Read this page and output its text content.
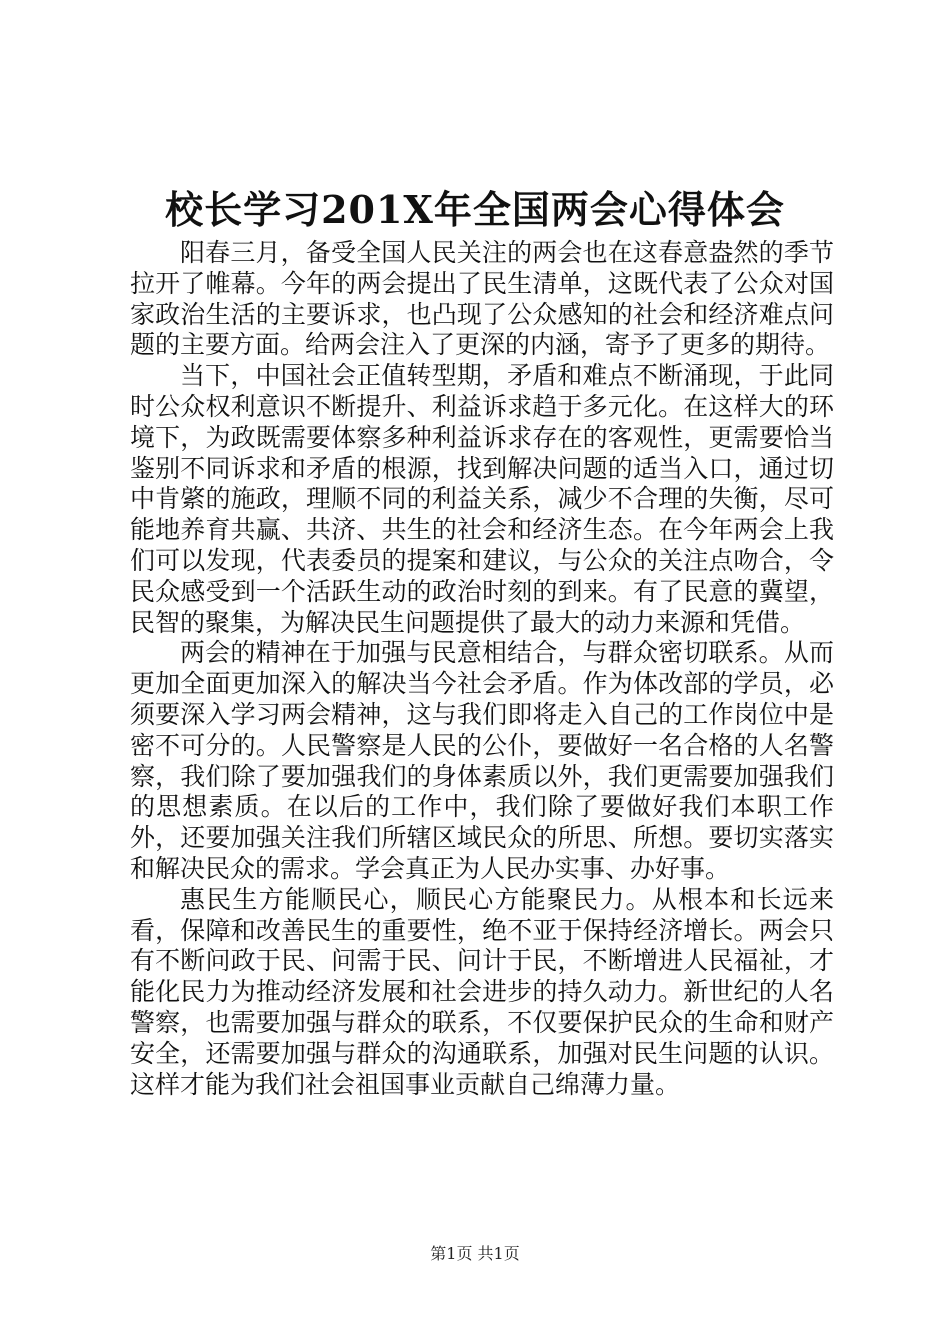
校长学习201X年全国两会心得体会

阳春三月，备受全国人民关注的两会也在这春意盎然的季节拉开了帷幕。今年的两会提出了民生清单，这既代表了公众对国家政治生活的主要诉求，也凸现了公众感知的社会和经济难点问题的主要方面。给两会注入了更深的内涵，寄予了更多的期待。

当下，中国社会正值转型期，矛盾和难点不断涌现，于此同时公众权利意识不断提升、利益诉求趋于多元化。在这样大的环境下，为政既需要体察多种利益诉求存在的客观性，更需要恰当鉴别不同诉求和矛盾的根源，找到解决问题的适当入口，通过切中肯綮的施政，理顺不同的利益关系，减少不合理的失衡，尽可能地养育共赢、共济、共生的社会和经济生态。在今年两会上我们可以发现，代表委员的提案和建议，与公众的关注点吻合，令民众感受到一个活跃生动的政治时刻的到来。有了民意的冀望，民智的聚集，为解决民生问题提供了最大的动力来源和凭借。

两会的精神在于加强与民意相结合，与群众密切联系。从而更加全面更加深入的解决当今社会矛盾。作为体改部的学员，必须要深入学习两会精神，这与我们即将走入自己的工作岗位中是密不可分的。人民警察是人民的公仆，要做好一名合格的人名警察，我们除了要加强我们的身体素质以外，我们更需要加强我们的思想素质。在以后的工作中，我们除了要做好我们本职工作外，还要加强关注我们所辖区域民众的所思、所想。要切实落实和解决民众的需求。学会真正为人民办实事、办好事。

惠民生方能顺民心，顺民心方能聚民力。从根本和长远来看，保障和改善民生的重要性，绝不亚于保持经济增长。两会只有不断问政于民、问需于民、问计于民，不断增进人民福祉，才能化民力为推动经济发展和社会进步的持久动力。新世纪的人名警察，也需要加强与群众的联系，不仅要保护民众的生命和财产安全，还需要加强与群众的沟通联系，加强对民生问题的认识。这样才能为我们社会祖国事业贡献自己绵薄力量。

第1页 共1页
